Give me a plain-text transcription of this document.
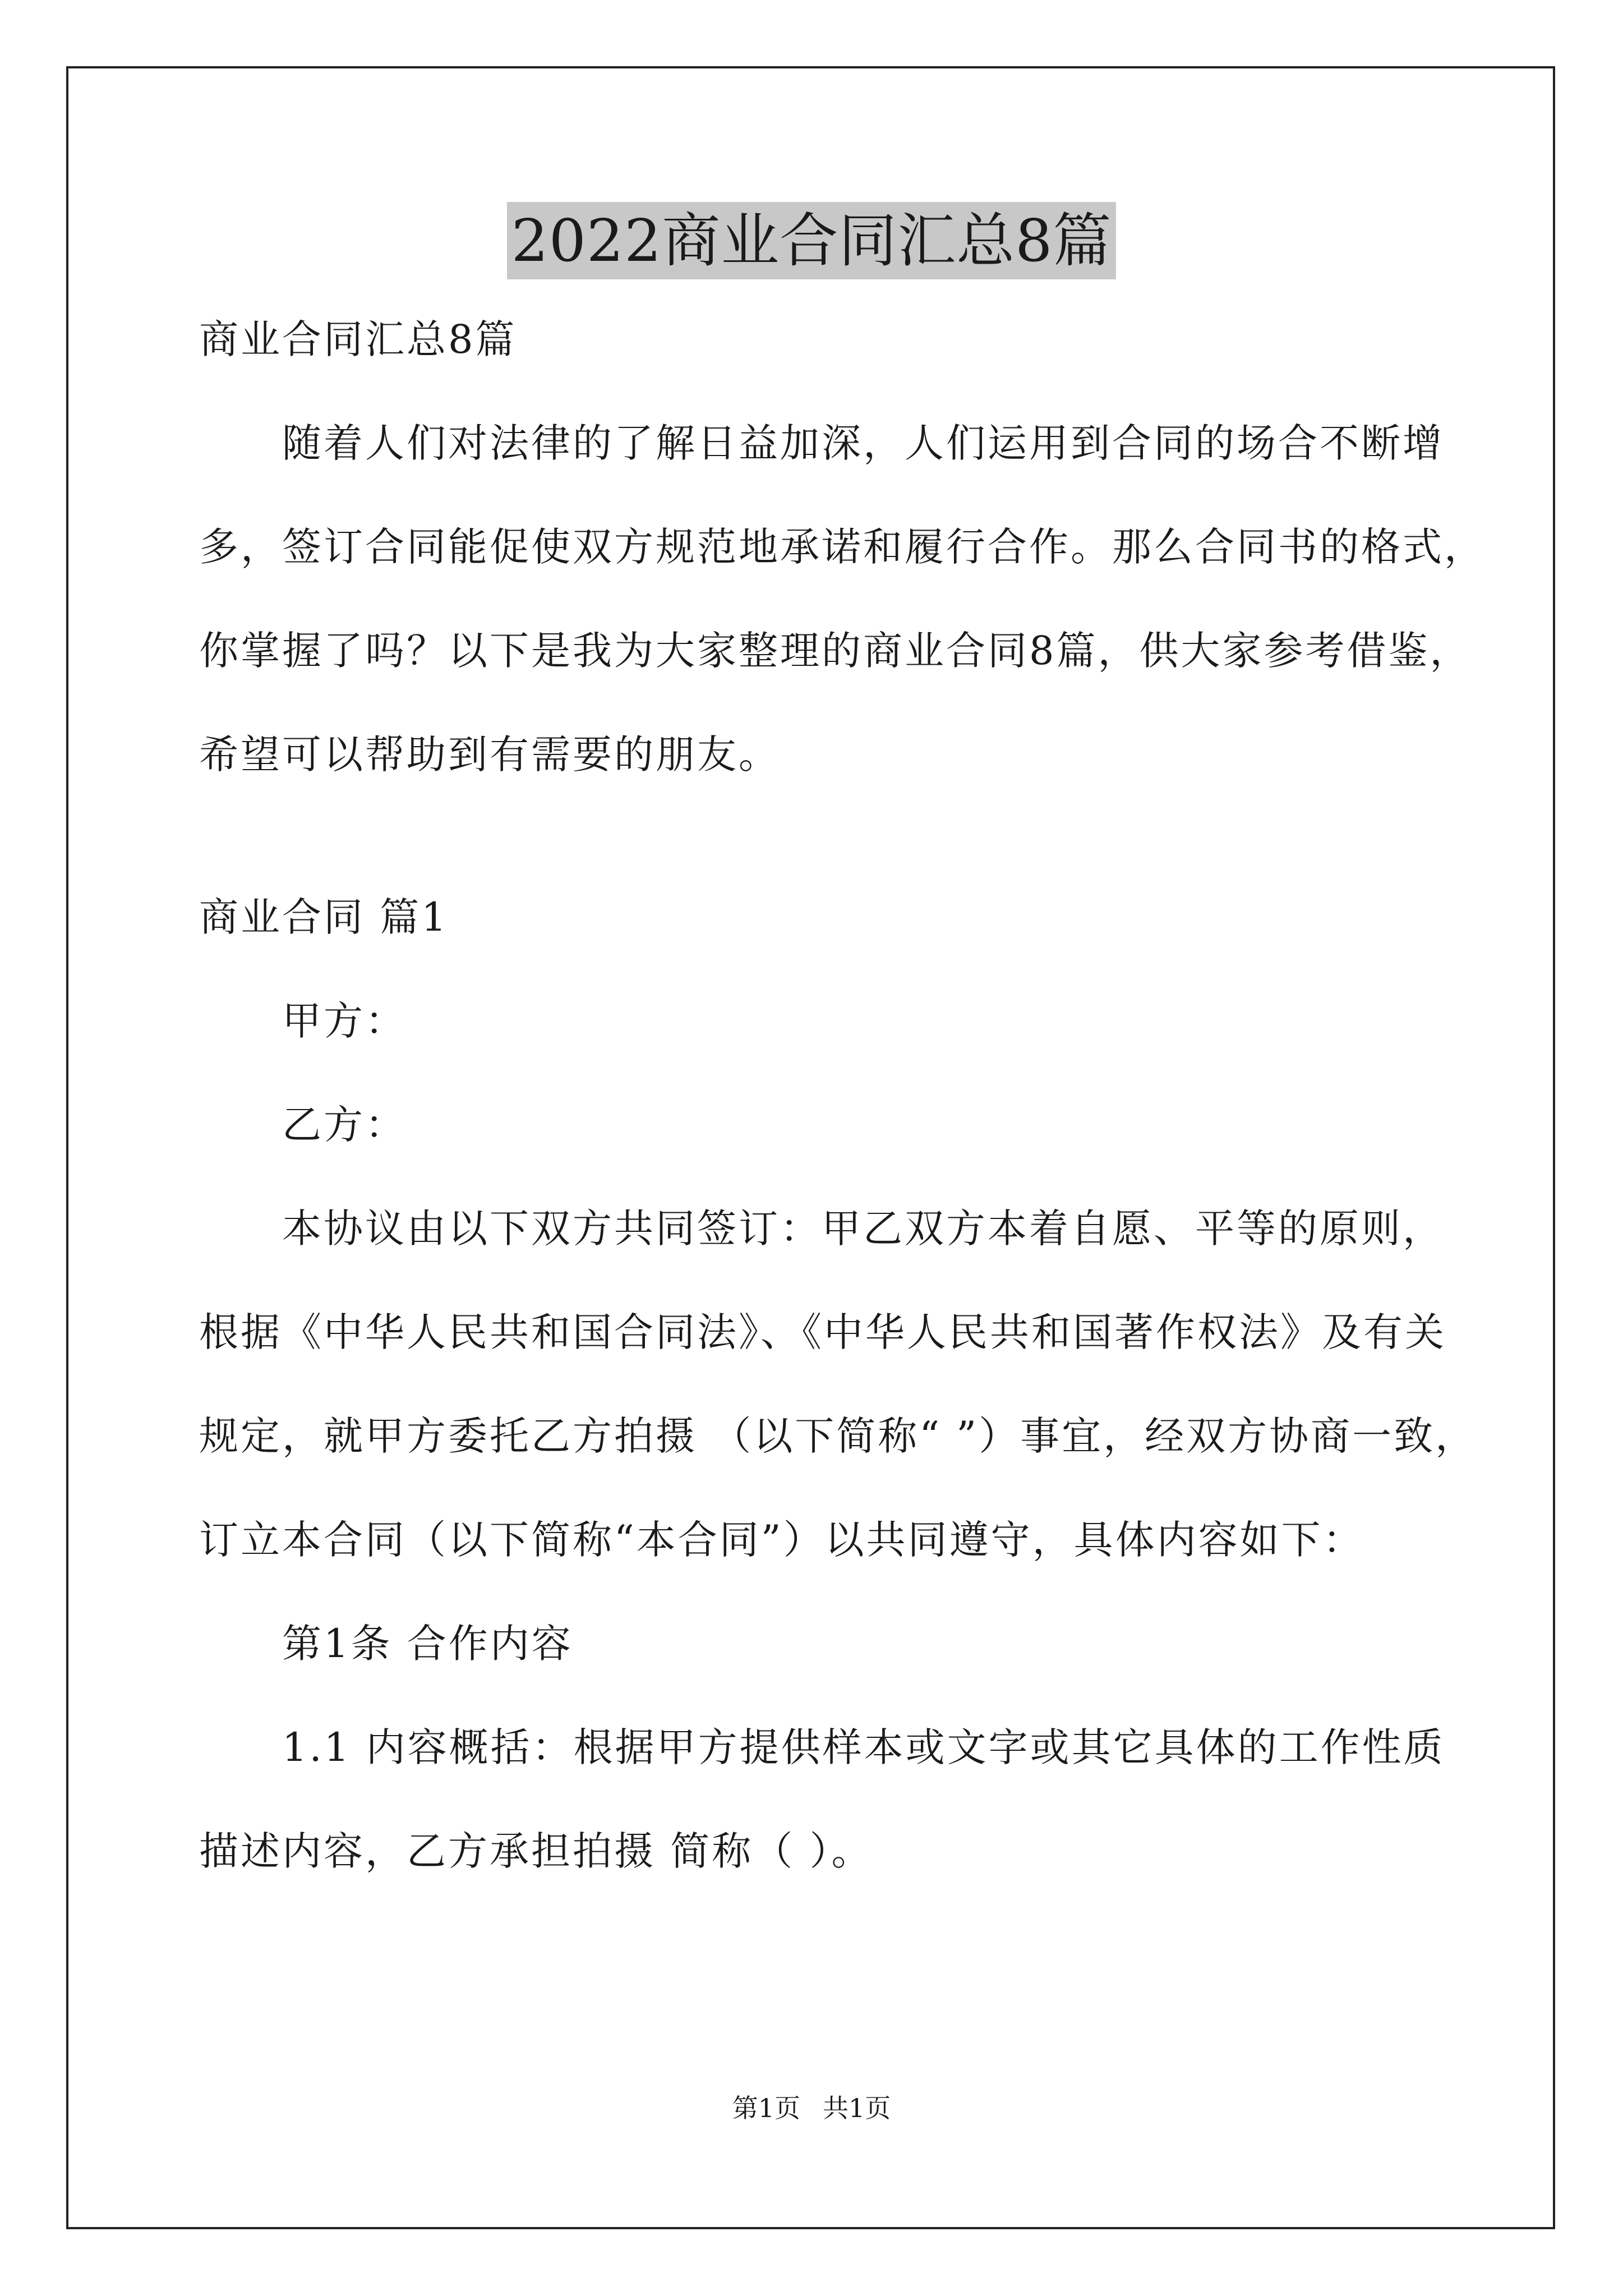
2022商业合同汇总8篇
商业合同汇总8篇
随着人们对法律的了解日益加深，人们运用到合同的场合不断增
多，签订合同能促使双方规范地承诺和履行合作。那么合同书的格式，
你掌握了吗？以下是我为大家整理的商业合同8篇，供大家参考借鉴，
希望可以帮助到有需要的朋友。
商业合同 篇1
甲方：
乙方：
本协议由以下双方共同签订：甲乙双方本着自愿、平等的原则，
根据《中华人民共和国合同法》、《中华人民共和国著作权法》及有关
规定，就甲方委托乙方拍摄 （以下简称“ ”）事宜，经双方协商一致，
订立本合同（以下简称“本合同”）以共同遵守，具体内容如下：
第1条 合作内容
1.1 内容概括：根据甲方提供样本或文字或其它具体的工作性质
描述内容，乙方承担拍摄 简称（ ）。
第1页 共1页
